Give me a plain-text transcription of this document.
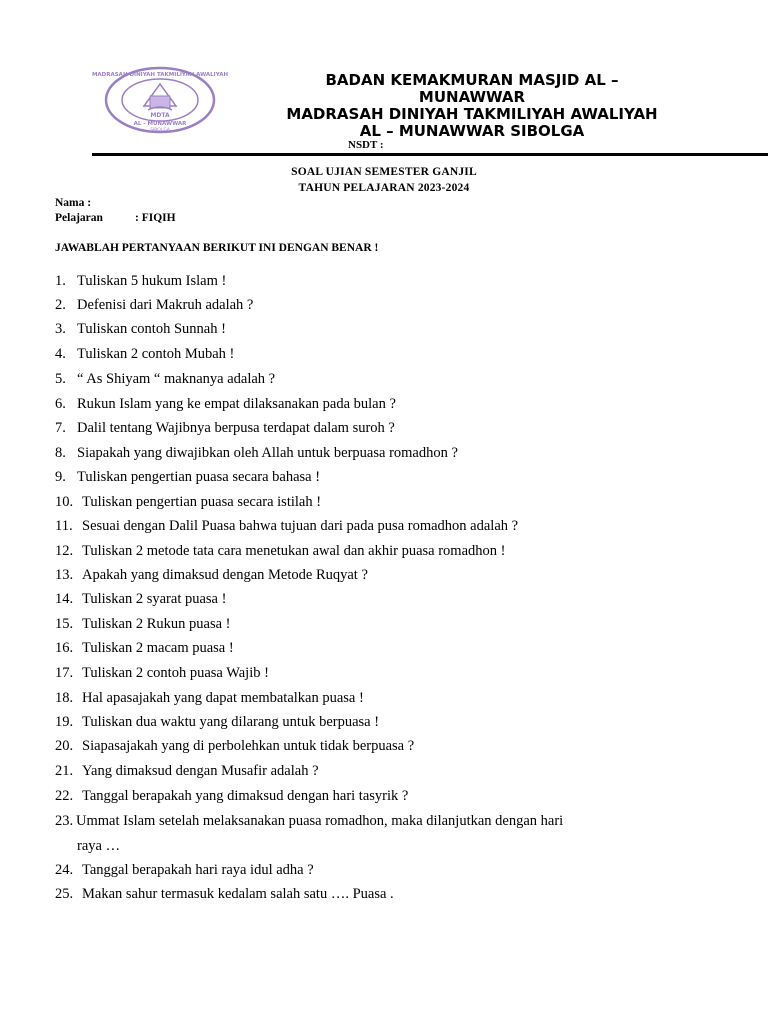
MADRASAH DINIYAH TAKMILIYAH AWALIYAH
MDTA
AL - MUNAWWAR
SIBOLGA
BADAN KEMAKMURAN MASJID AL –
MUNAWWAR
MADRASAH DINIYAH TAKMILIYAH AWALIYAH
AL – MUNAWWAR SIBOLGA
NSDT :
SOAL UJIAN SEMESTER GANJIL
TAHUN PELAJARAN 2023-2024
Nama :
Pelajaran	: FIQIH
JAWABLAH PERTANYAAN BERIKUT INI DENGAN BENAR !
1. Tuliskan 5 hukum Islam !
2. Defenisi dari Makruh adalah ?
3. Tuliskan contoh Sunnah !
4. Tuliskan 2 contoh Mubah !
5. “ As Shiyam “ maknanya adalah ?
6. Rukun Islam yang ke empat dilaksanakan pada bulan ?
7. Dalil tentang Wajibnya berpusa terdapat dalam suroh ?
8. Siapakah yang diwajibkan oleh Allah untuk berpuasa romadhon ?
9. Tuliskan pengertian puasa secara bahasa !
10. Tuliskan pengertian puasa secara istilah !
11. Sesuai dengan Dalil Puasa bahwa tujuan dari pada pusa romadhon adalah ?
12. Tuliskan 2 metode tata cara menetukan awal dan akhir puasa romadhon !
13. Apakah yang dimaksud dengan Metode Ruqyat ?
14. Tuliskan 2 syarat puasa !
15. Tuliskan 2 Rukun puasa !
16. Tuliskan 2 macam puasa !
17. Tuliskan 2 contoh puasa Wajib !
18. Hal apasajakah yang dapat membatalkan puasa !
19. Tuliskan dua waktu yang dilarang untuk berpuasa !
20. Siapasajakah yang di perbolehkan untuk tidak berpuasa ?
21. Yang dimaksud dengan Musafir adalah ?
22. Tanggal berapakah yang dimaksud dengan hari tasyrik ?
23. Ummat Islam setelah melaksanakan puasa romadhon, maka dilanjutkan dengan hari
raya …
24. Tanggal berapakah hari raya idul adha ?
25. Makan sahur termasuk kedalam salah satu …. Puasa .
